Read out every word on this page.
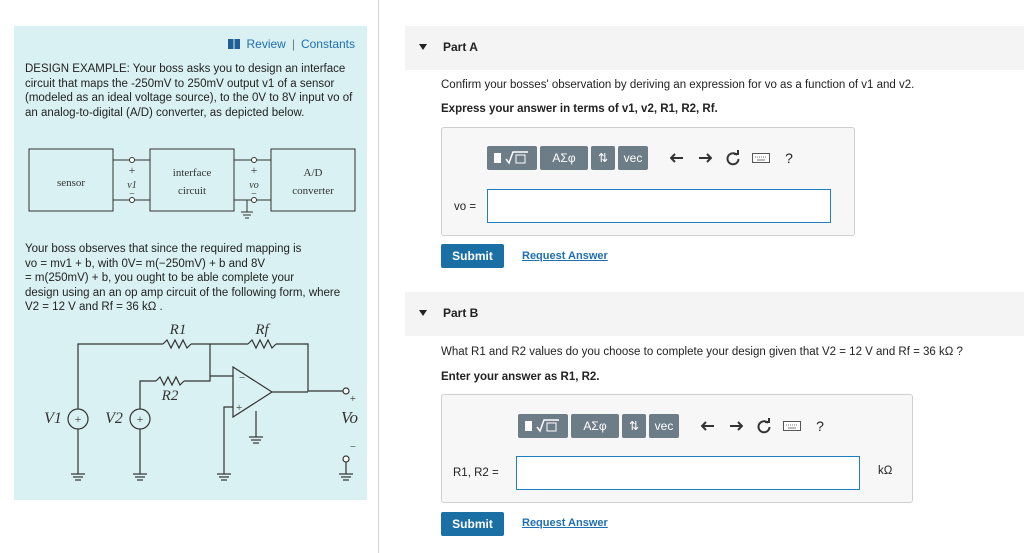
Review | Constants
DESIGN EXAMPLE: Your boss asks you to design an interface circuit that maps the -250mV to 250mV output v1 of a sensor (modeled as an ideal voltage source), to the 0V to 8V input vo of an analog-to-digital (A/D) converter, as depicted below.
sensor
interface
circuit
A/D
converter
+
v1
−
+
vo
−
Your boss observes that since the required mapping is
vo = mv1 + b, with 0V= m(−250mV) + b and 8V
= m(250mV) + b, you ought to be able complete your
design using an an op amp circuit of the following form, where
V2 = 12 V and Rf = 36 kΩ .
R1	Rf
R2
V1	V2
+	+
−
+	Vo
+
−
Part A
Confirm your bosses' observation by deriving an expression for vo as a function of v1 and v2.
Express your answer in terms of v1, v2, R1, R2, Rf.
ΑΣφ	⇅	vec	?
vo =
Submit	Request Answer
Part B
What R1 and R2 values do you choose to complete your design given that V2 = 12 V and Rf = 36 kΩ ?
Enter your answer as R1, R2.
ΑΣφ	⇅	vec	?
R1, R2 =	kΩ
Submit	Request Answer
